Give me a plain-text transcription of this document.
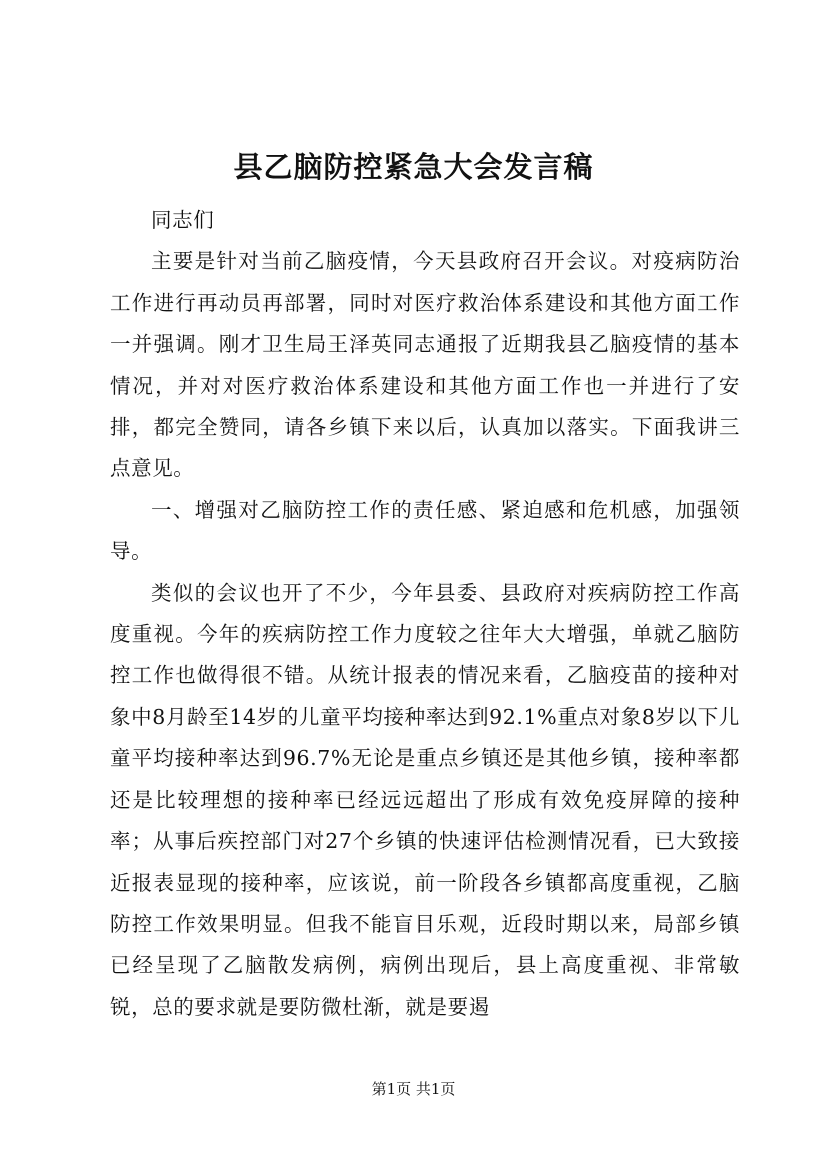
县乙脑防控紧急大会发言稿

同志们

主要是针对当前乙脑疫情，今天县政府召开会议。对疫病防治工作进行再动员再部署，同时对医疗救治体系建设和其他方面工作一并强调。刚才卫生局王泽英同志通报了近期我县乙脑疫情的基本情况，并对对医疗救治体系建设和其他方面工作也一并进行了安排，都完全赞同，请各乡镇下来以后，认真加以落实。下面我讲三点意见。

一、增强对乙脑防控工作的责任感、紧迫感和危机感，加强领导。

类似的会议也开了不少，今年县委、县政府对疾病防控工作高度重视。今年的疾病防控工作力度较之往年大大增强，单就乙脑防控工作也做得很不错。从统计报表的情况来看，乙脑疫苗的接种对象中8月龄至14岁的儿童平均接种率达到92.1%重点对象8岁以下儿童平均接种率达到96.7%无论是重点乡镇还是其他乡镇，接种率都还是比较理想的接种率已经远远超出了形成有效免疫屏障的接种率；从事后疾控部门对27个乡镇的快速评估检测情况看，已大致接近报表显现的接种率，应该说，前一阶段各乡镇都高度重视，乙脑防控工作效果明显。但我不能盲目乐观，近段时期以来，局部乡镇已经呈现了乙脑散发病例，病例出现后，县上高度重视、非常敏锐，总的要求就是要防微杜渐，就是要遏

第1页 共1页
